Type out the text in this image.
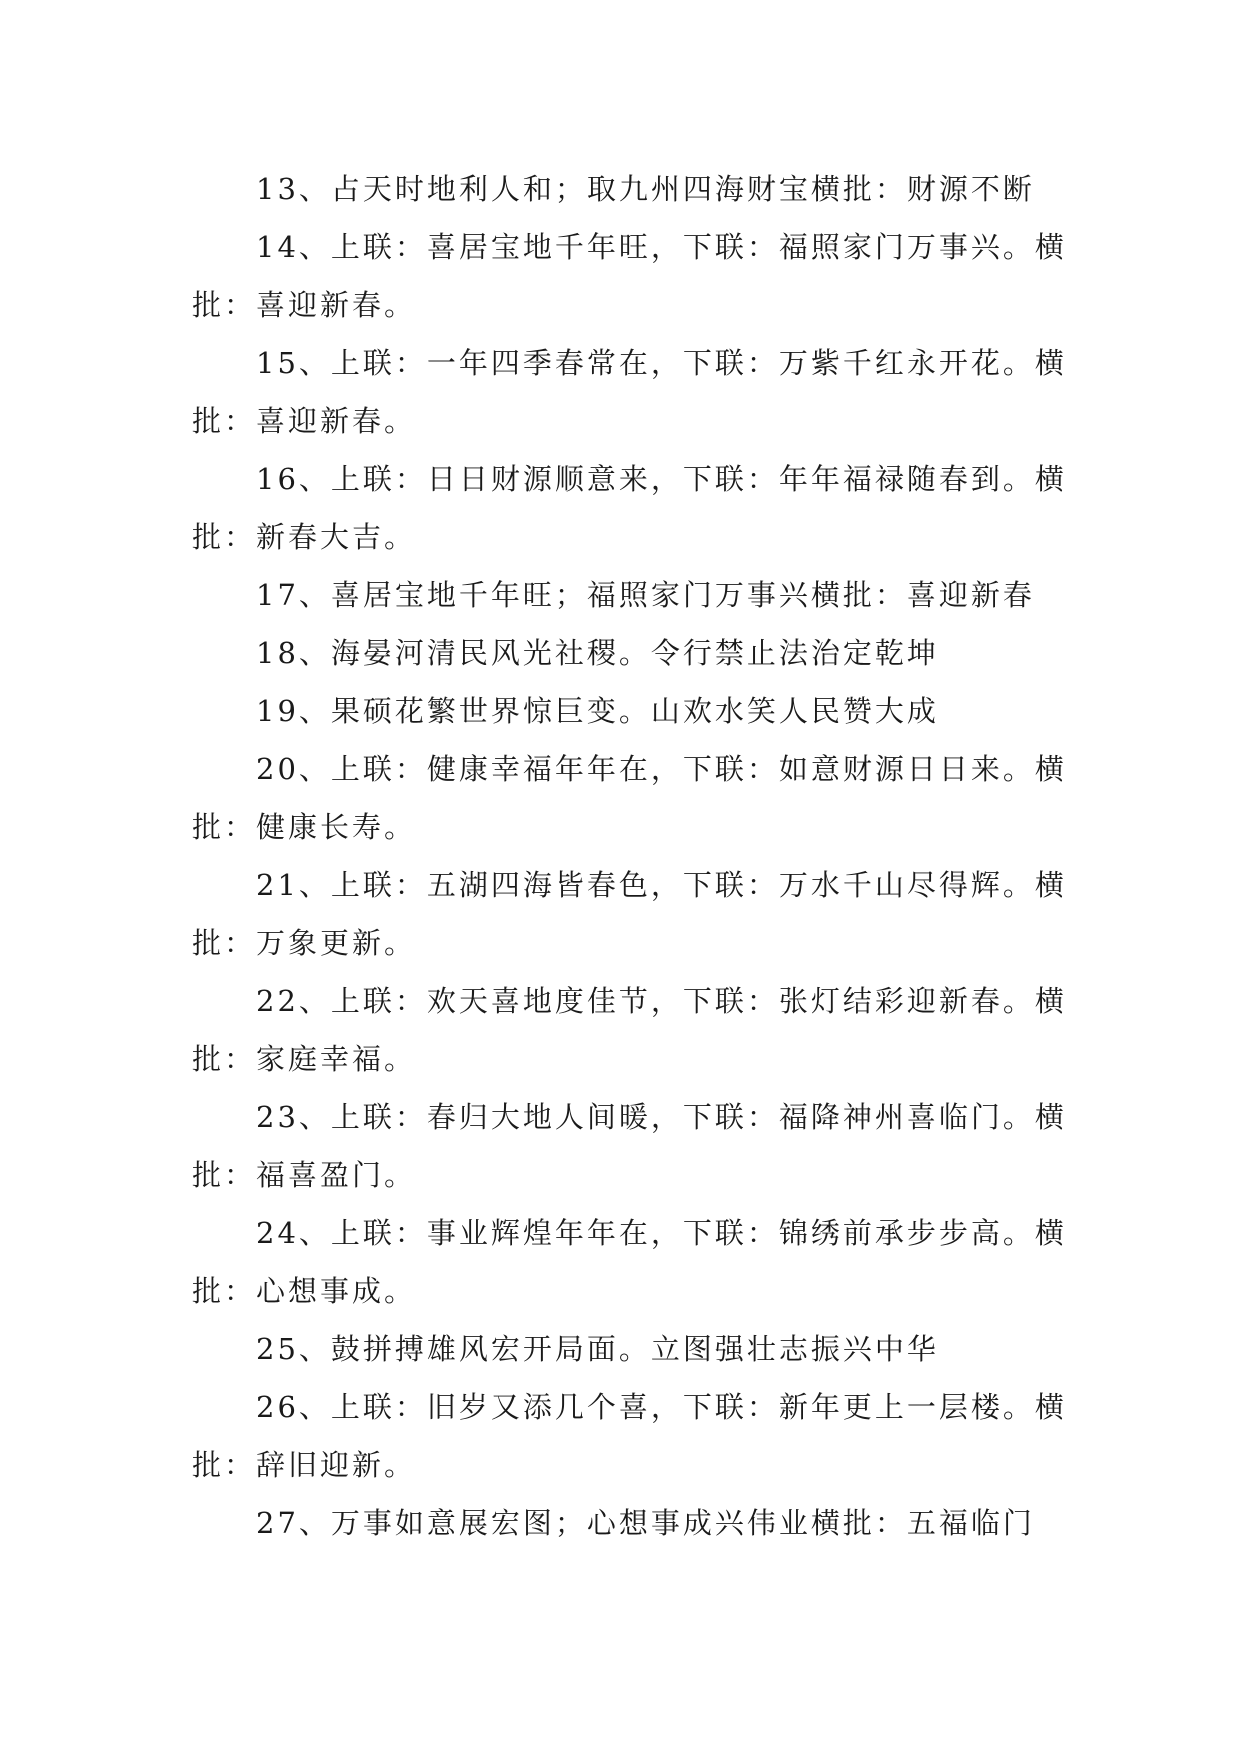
13、占天时地利人和；取九州四海财宝横批：财源不断

14、上联：喜居宝地千年旺，下联：福照家门万事兴。横批：喜迎新春。

15、上联：一年四季春常在，下联：万紫千红永开花。横批：喜迎新春。

16、上联：日日财源顺意来，下联：年年福禄随春到。横批：新春大吉。

17、喜居宝地千年旺；福照家门万事兴横批：喜迎新春

18、海晏河清民风光社稷。令行禁止法治定乾坤

19、果硕花繁世界惊巨变。山欢水笑人民赞大成

20、上联：健康幸福年年在，下联：如意财源日日来。横批：健康长寿。

21、上联：五湖四海皆春色，下联：万水千山尽得辉。横批：万象更新。

22、上联：欢天喜地度佳节，下联：张灯结彩迎新春。横批：家庭幸福。

23、上联：春归大地人间暖，下联：福降神州喜临门。横批：福喜盈门。

24、上联：事业辉煌年年在，下联：锦绣前承步步高。横批：心想事成。

25、鼓拼搏雄风宏开局面。立图强壮志振兴中华

26、上联：旧岁又添几个喜，下联：新年更上一层楼。横批：辞旧迎新。

27、万事如意展宏图；心想事成兴伟业横批：五福临门
